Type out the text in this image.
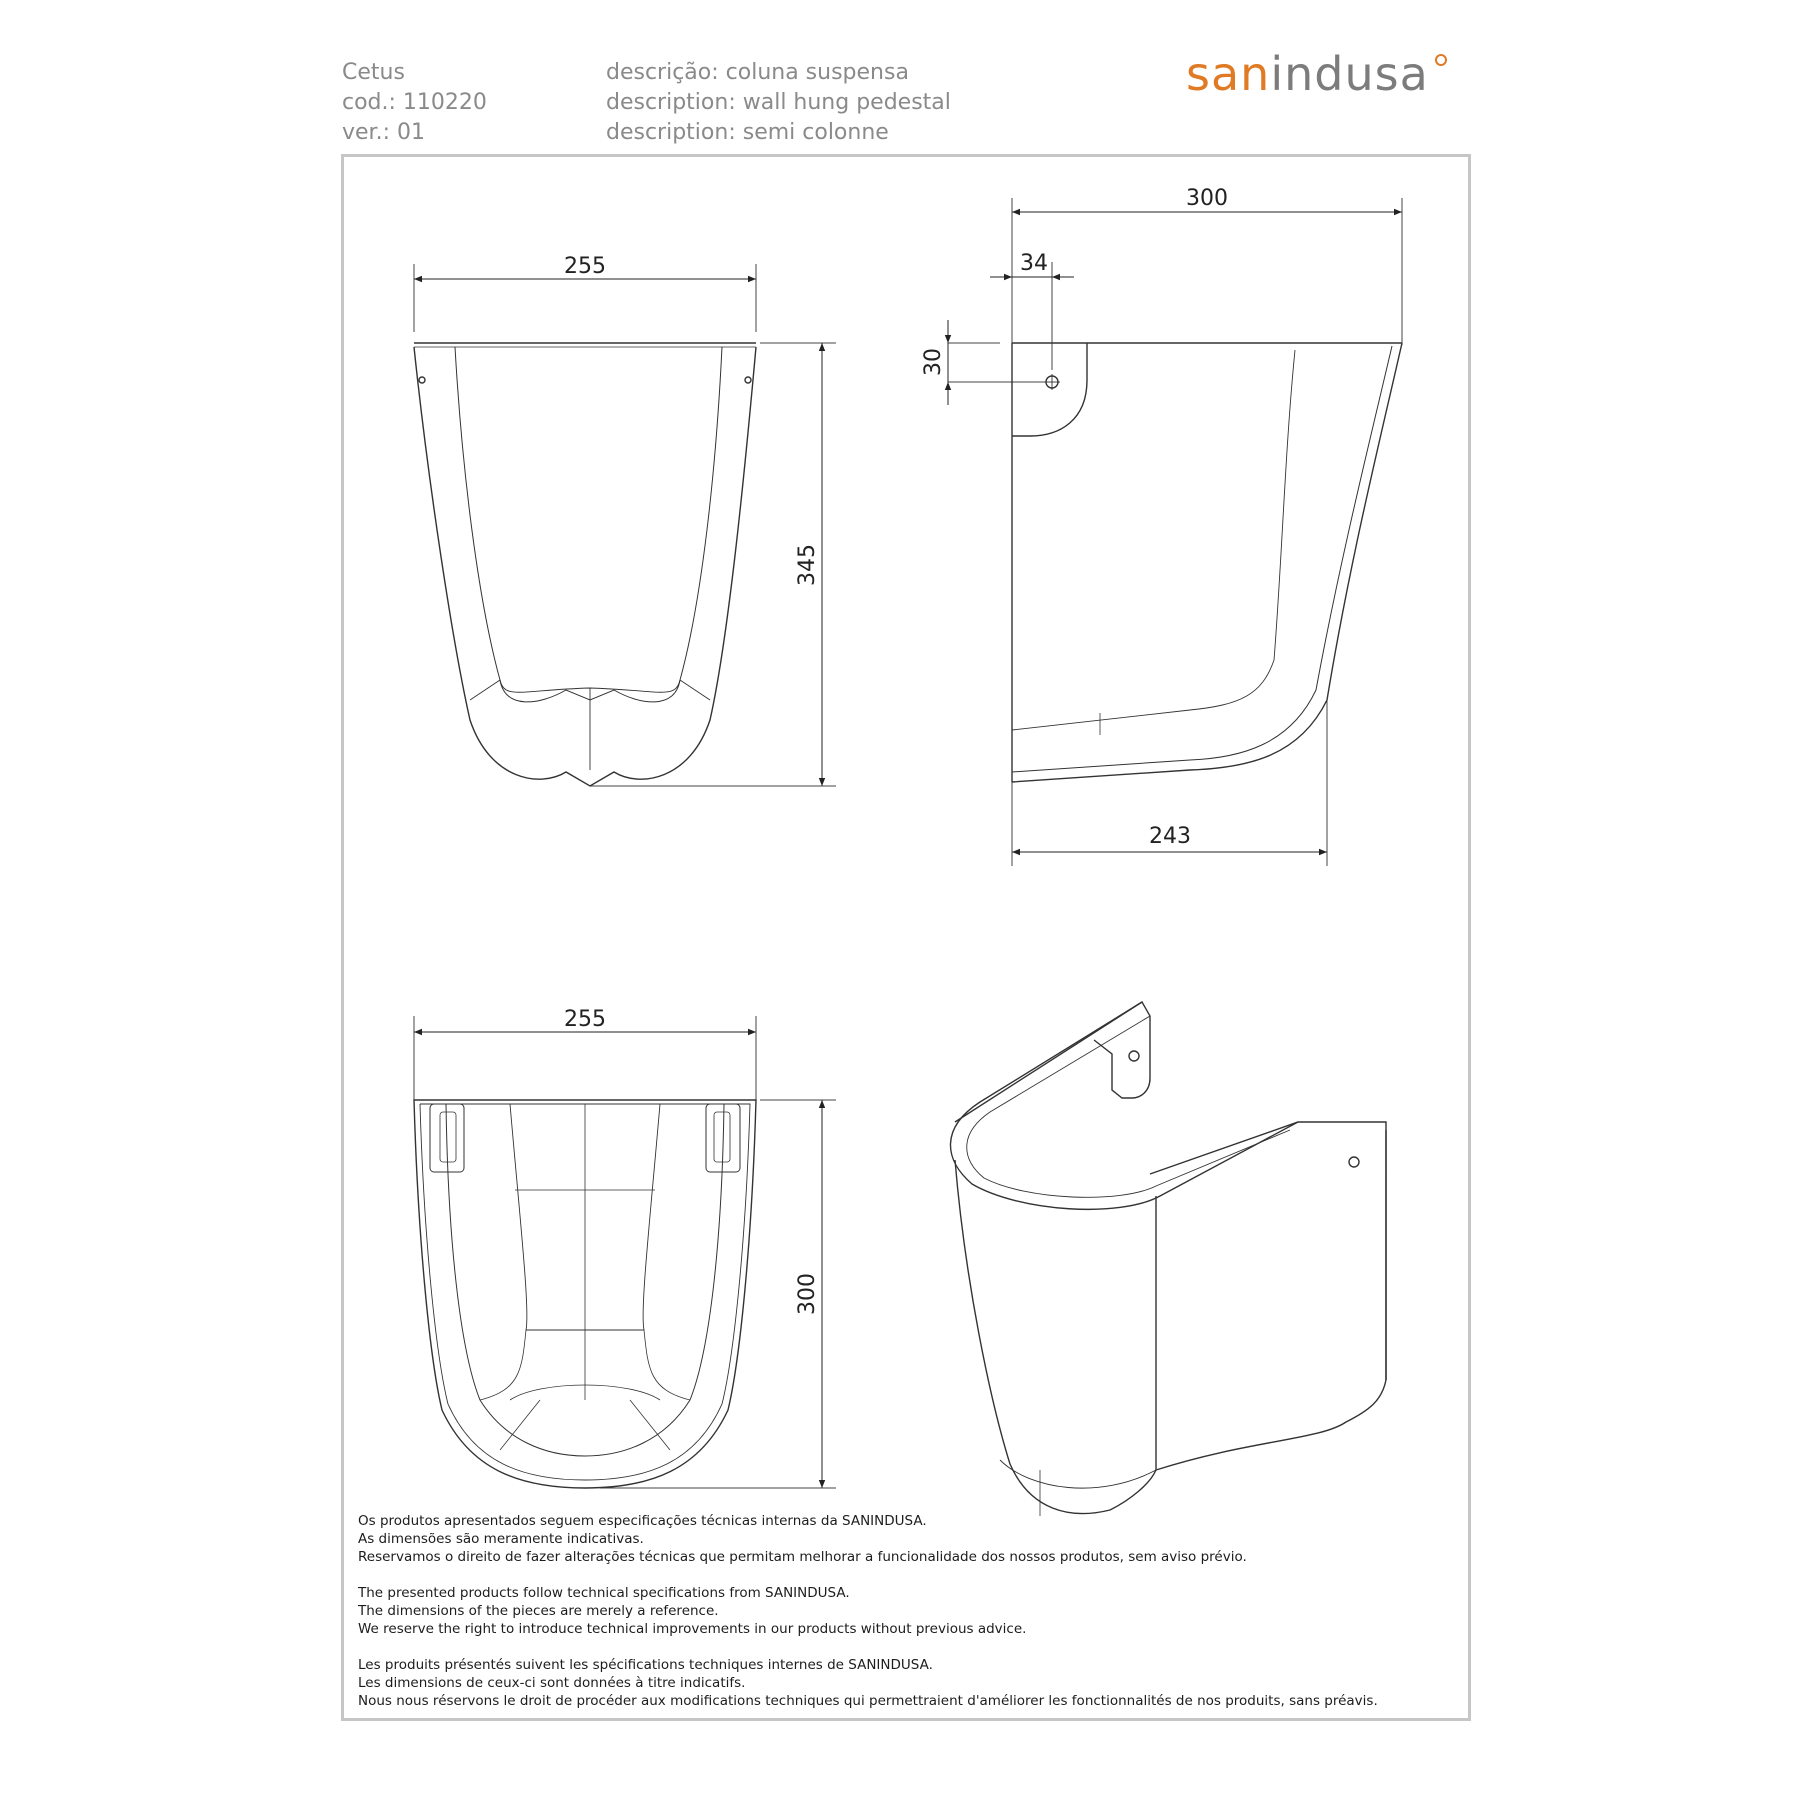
Cetus
cod.: 110220
ver.: 01
descrição: coluna suspensa
description: wall hung pedestal
description: semi colonne
sanindusa
255
345
300
34
30
243
255
300
Os produtos apresentados seguem especificações técnicas internas da SANINDUSA.
As dimensões são meramente indicativas.
Reservamos o direito de fazer alterações técnicas que permitam melhorar a funcionalidade dos nossos produtos, sem aviso prévio.
The presented products follow technical specifications from SANINDUSA.
The dimensions of the pieces are merely a reference.
We reserve the right to introduce technical improvements in our products without previous advice.
Les produits présentés suivent les spécifications techniques internes de SANINDUSA.
Les dimensions de ceux-ci sont données à titre indicatifs.
Nous nous réservons le droit de procéder aux modifications techniques qui permettraient d'améliorer les fonctionnalités de nos produits, sans préavis.
